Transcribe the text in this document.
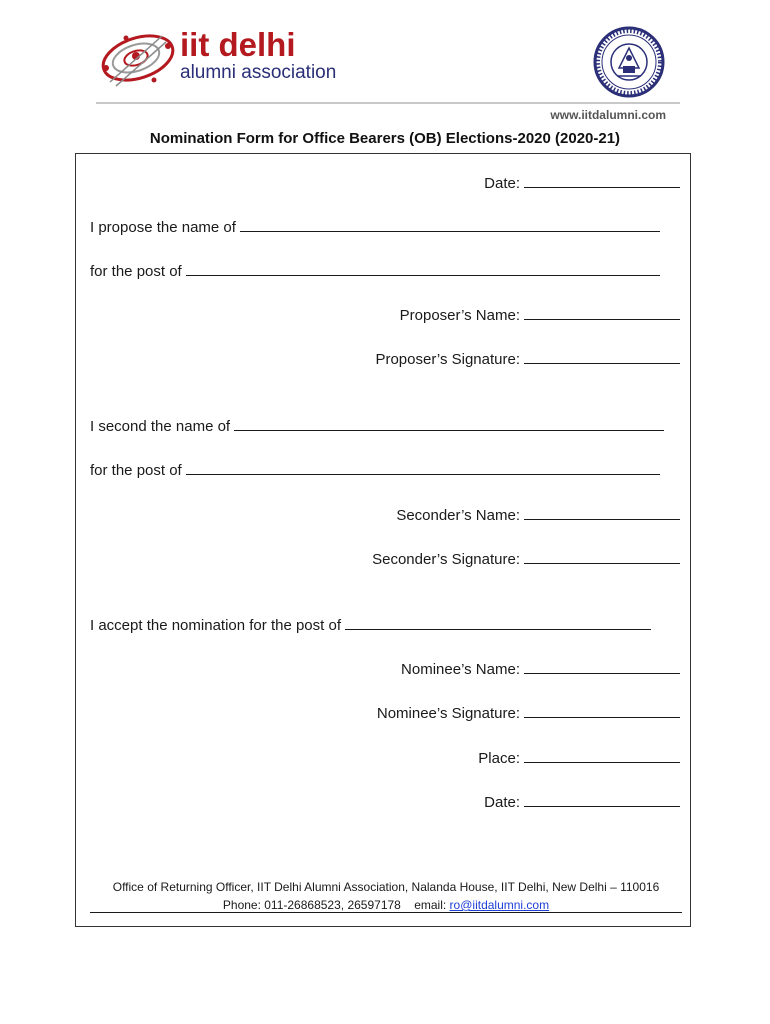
iit delhi
alumni association
www.iitdalumni.com
Nomination Form for Office Bearers (OB) Elections-2020 (2020-21)
Date:
I propose the name of
for the post of
Proposer’s Name:
Proposer’s Signature:
I second the name of
for the post of
Seconder’s Name:
Seconder’s Signature:
I accept the nomination for the post of
Nominee’s Name:
Nominee’s Signature:
Place:
Date:
Office of Returning Officer, IIT Delhi Alumni Association, Nalanda House, IIT Delhi, New Delhi – 110016
Phone: 011-26868523, 26597178 email: ro@iitdalumni.com
